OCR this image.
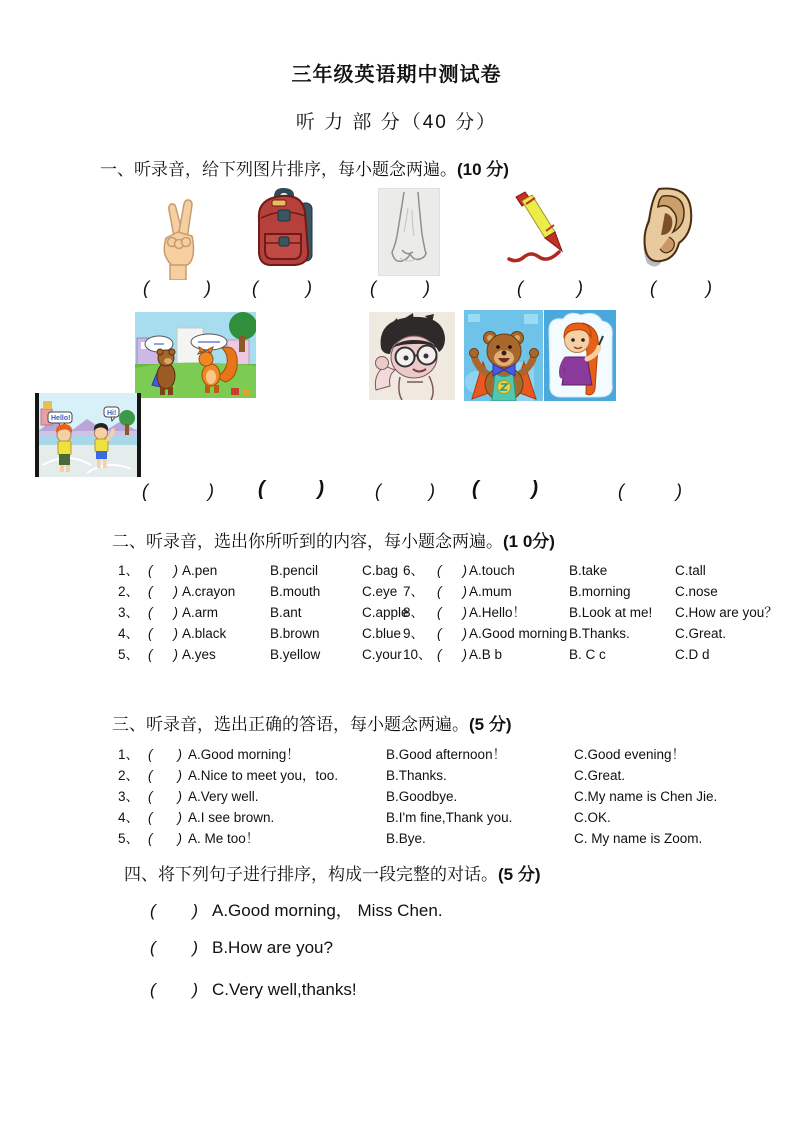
三年级英语期中测试卷
听 力 部 分（40 分）
一、听录音，给下列图片排序，每小题念两遍。(10 分)
(	) (	)	(	)	(	)	(	)
Hello!
Hi!
(	) (	)	(	) (	)	(	)
二、听录音，选出你所听到的内容，每小题念两遍。(1 0分)
1、	( )	A.pen	B.pencil	C.bag
2、	( )	A.crayon	B.mouth	C.eye
3、	( )	A.arm	B.ant	C.apple
4、	( )	A.black	B.brown	C.blue
5、	( )	A.yes	B.yellow	C.your
6、	( )	A.touch	B.take	C.tall
7、	( )	A.mum	B.morning	C.nose
8、	( )	A.Hello！	B.Look at me!	C.How are you？
9、	( )	A.Good morning	B.Thanks.	C.Great.
10、	( )	A.B b	B. C c	C.D d
三、听录音，选出正确的答语，每小题念两遍。(5 分)
1、	( )	A.Good morning！	B.Good afternoon！	C.Good evening！
2、	( )	A.Nice to meet you，too.	B.Thanks.	C.Great.
3、	( )	A.Very well.	B.Goodbye.	C.My name is Chen Jie.
4、	( )	A.I see brown.	B.I'm fine,Thank you.	C.OK.
5、	( )	A. Me too！	B.Bye.	C. My name is Zoom.
四、将下列句子进行排序，构成一段完整的对话。(5 分)
( ) A.Good morning， Miss Chen.
( ) B.How are you?
( ) C.Very well,thanks!
